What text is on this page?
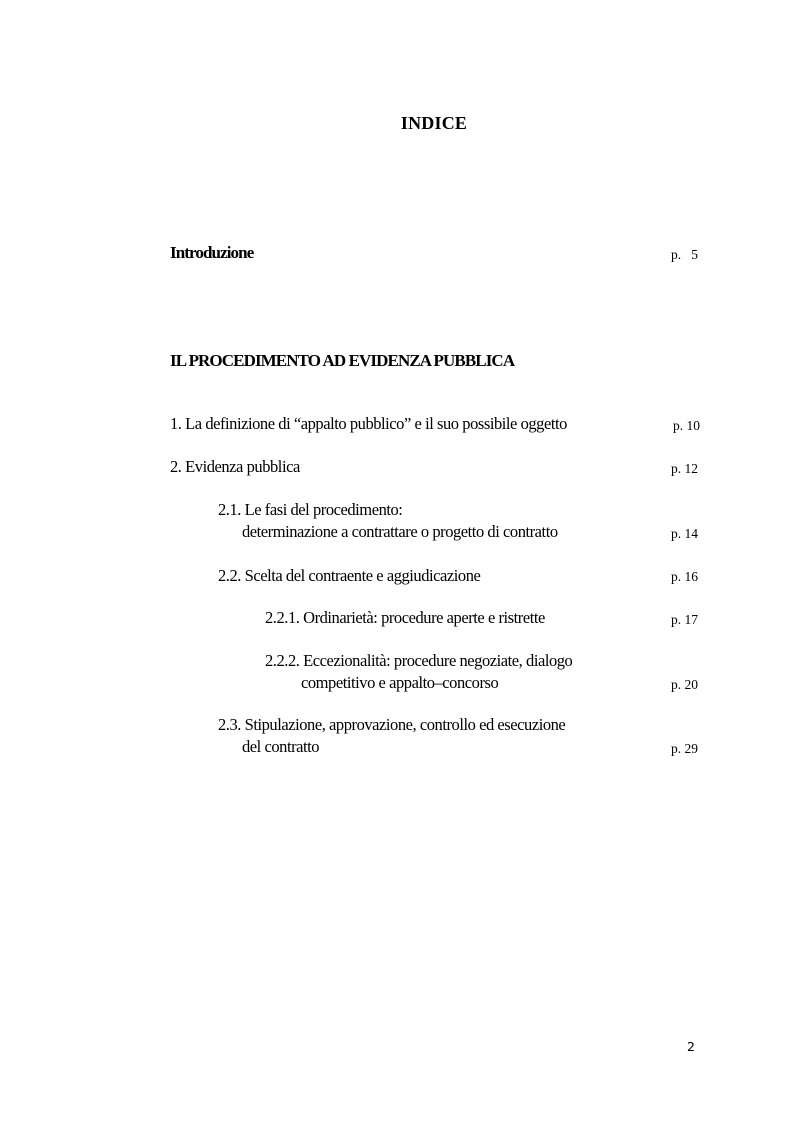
INDICE
Introduzione	p.   5
IL PROCEDIMENTO AD EVIDENZA PUBBLICA
1. La definizione di “appalto pubblico” e il suo possibile oggetto	p. 10
2. Evidenza pubblica	p. 12
2.1. Le fasi del procedimento:
determinazione a contrattare o progetto di contratto	p. 14
2.2. Scelta del contraente e aggiudicazione	p. 16
2.2.1. Ordinarietà: procedure aperte e ristrette	p. 17
2.2.2. Eccezionalità: procedure negoziate, dialogo
competitivo e appalto–concorso	p. 20
2.3. Stipulazione, approvazione, controllo ed esecuzione
del contratto	p. 29
2
